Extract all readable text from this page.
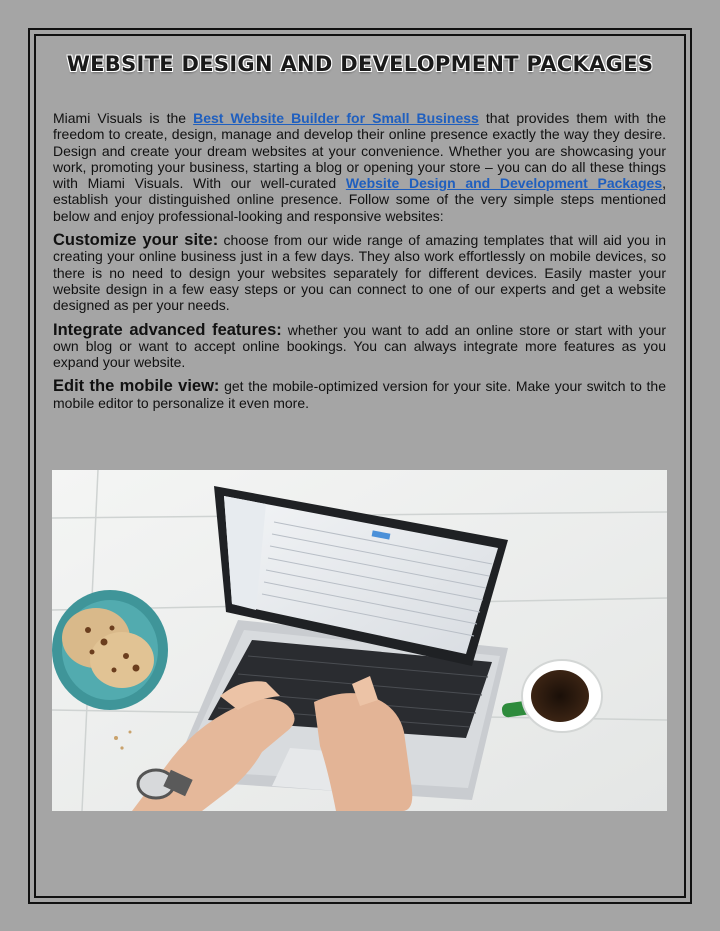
WEBSITE DESIGN AND DEVELOPMENT PACKAGES

Miami Visuals is the Best Website Builder for Small Business that provides them with the freedom to create, design, manage and develop their online presence exactly the way they desire. Design and create your dream websites at your convenience. Whether you are showcasing your work, promoting your business, starting a blog or opening your store – you can do all these things with Miami Visuals. With our well-curated Website Design and Development Packages, establish your distinguished online presence. Follow some of the very simple steps mentioned below and enjoy professional-looking and responsive websites:

Customize your site: choose from our wide range of amazing templates that will aid you in creating your online business just in a few days. They also work effortlessly on mobile devices, so there is no need to design your websites separately for different devices. Easily master your website design in a few easy steps or you can connect to one of our experts and get a website designed as per your needs.

Integrate advanced features: whether you want to add an online store or start with your own blog or want to accept online bookings. You can always integrate more features as you expand your website.

Edit the mobile view: get the mobile-optimized version for your site. Make your switch to the mobile editor to personalize it even more.
